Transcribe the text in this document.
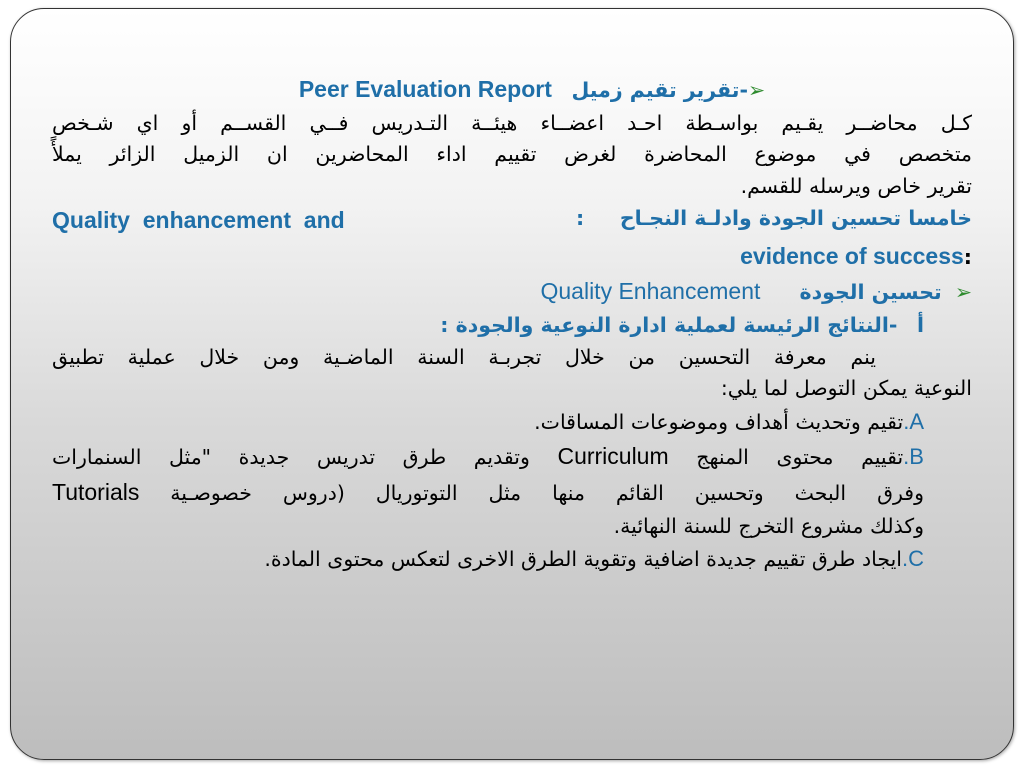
➢-تقرير تقيم زميل   Peer Evaluation Report

كـل محاضــر يقـيم بواسـطة احـد اعضــاء هيئــة التـدريس فــي القســم أو اي شـخص

متخصص في موضوع المحاضرة لغرض تقييم اداء المحاضرين ان الزميل الزائر يملأً

تقرير خاص ويرسله للقسم.

خامسا تحسين الجودة وادلـة النجـاح     :
Quality  enhancement  and

:evidence of success

➢  تحسين الجودة      Quality Enhancement

أ   -النتائج الرئيسة لعملية ادارة النوعية والجودة :

ينم معرفة التحسين من خلال تجربـة السنة الماضـية ومن خلال عملية تطبيق

النوعية يمكن التوصل لما يلي:

A.تقيم وتحديث أهداف وموضوعات المساقات.

B.تقييم محتوى المنهج Curriculum وتقديم طرق تدريس جديدة "مثل السنمارات

وفرق البحث وتحسين القائم منها مثل التوتوريال (دروس خصوصـية Tutorials

وكذلك مشروع التخرج للسنة النهائية.

C.ايجاد طرق تقييم جديدة اضافية وتقوية الطرق الاخرى لتعكس محتوى المادة.
